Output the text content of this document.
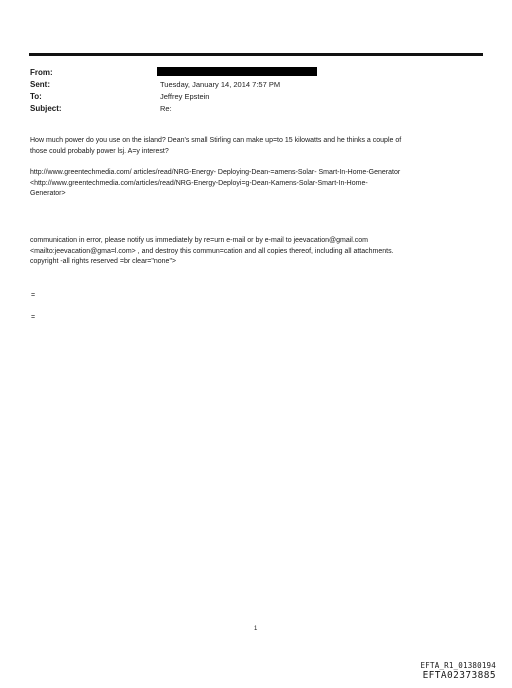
From:
Sent:	Tuesday, January 14, 2014 7:57 PM
To:	Jeffrey Epstein
Subject:	Re:

How much power do you use on the island? Dean's small Stirling can make up=to 15 kilowatts and he thinks a couple of

those could probably power lsj. A=y interest?

http://www.greentechmedia.com/ articles/read/NRG-Energy- Deploying-Dean-=amens-Solar- Smart-In-Home-Generator

<http://www.greentechmedia.com/articles/read/NRG-Energy-Deployi=g-Dean-Kamens-Solar-Smart-In-Home-

Generator>

communication in error, please notify us immediately by re=urn e-mail or by e-mail to jeevacation@gmail.com

<mailto:jeevacation@gma=l.com> , and destroy this commun=cation and all copies thereof, including all attachments.

copyright -all rights reserved =br clear="none">

=
=
1
EFTA_R1_01380194
EFTA02373885
